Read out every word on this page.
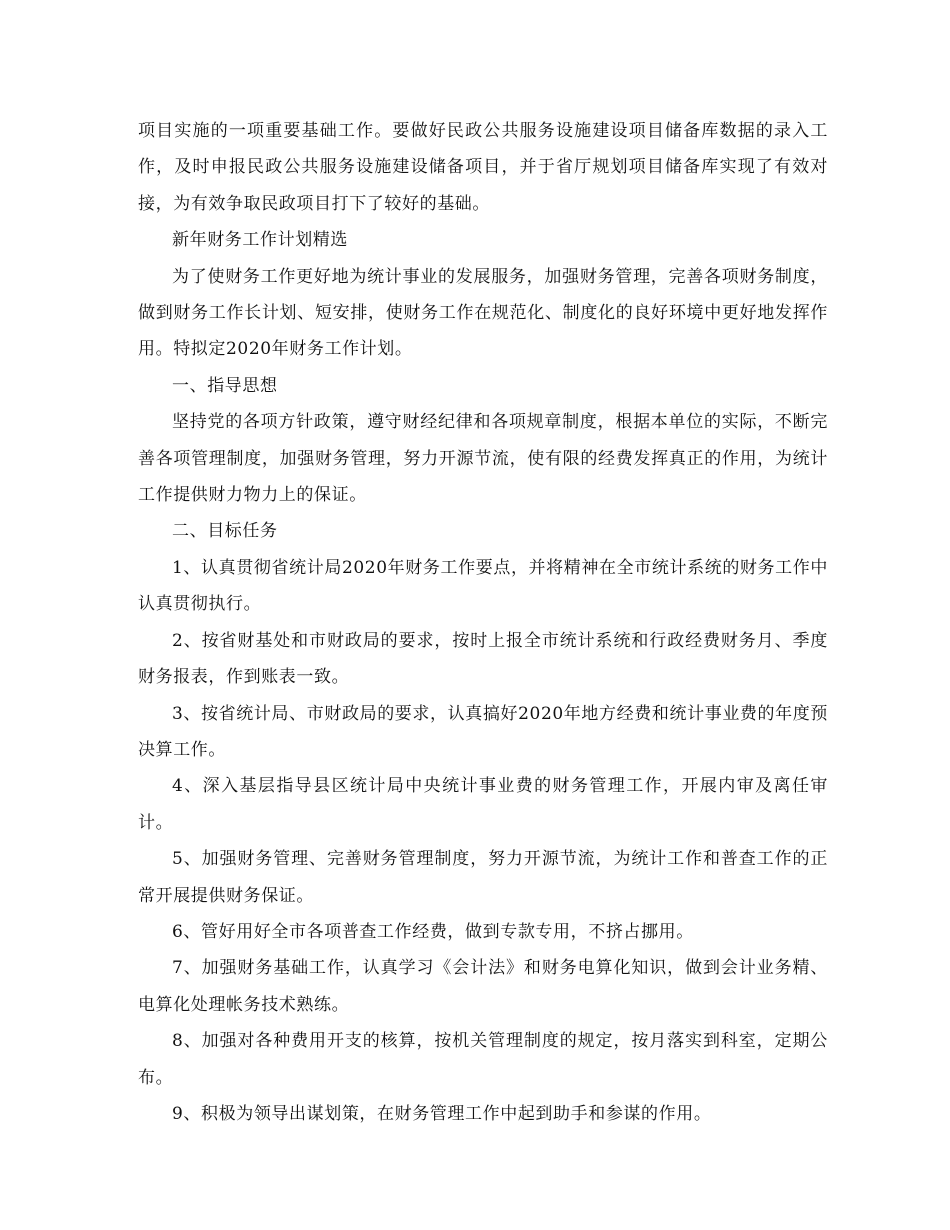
项目实施的一项重要基础工作。要做好民政公共服务设施建设项目储备库数据的录入工作，及时申报民政公共服务设施建设储备项目，并于省厅规划项目储备库实现了有效对接，为有效争取民政项目打下了较好的基础。

新年财务工作计划精选

为了使财务工作更好地为统计事业的发展服务，加强财务管理，完善各项财务制度，做到财务工作长计划、短安排，使财务工作在规范化、制度化的良好环境中更好地发挥作用。特拟定2020年财务工作计划。

一、指导思想

坚持党的各项方针政策，遵守财经纪律和各项规章制度，根据本单位的实际，不断完善各项管理制度，加强财务管理，努力开源节流，使有限的经费发挥真正的作用，为统计工作提供财力物力上的保证。

二、目标任务

1、认真贯彻省统计局2020年财务工作要点，并将精神在全市统计系统的财务工作中认真贯彻执行。

2、按省财基处和市财政局的要求，按时上报全市统计系统和行政经费财务月、季度财务报表，作到账表一致。

3、按省统计局、市财政局的要求，认真搞好2020年地方经费和统计事业费的年度预决算工作。

4、深入基层指导县区统计局中央统计事业费的财务管理工作，开展内审及离任审计。

5、加强财务管理、完善财务管理制度，努力开源节流，为统计工作和普查工作的正常开展提供财务保证。

6、管好用好全市各项普查工作经费，做到专款专用，不挤占挪用。

7、加强财务基础工作，认真学习《会计法》和财务电算化知识，做到会计业务精、电算化处理帐务技术熟练。

8、加强对各种费用开支的核算，按机关管理制度的规定，按月落实到科室，定期公布。

9、积极为领导出谋划策，在财务管理工作中起到助手和参谋的作用。
